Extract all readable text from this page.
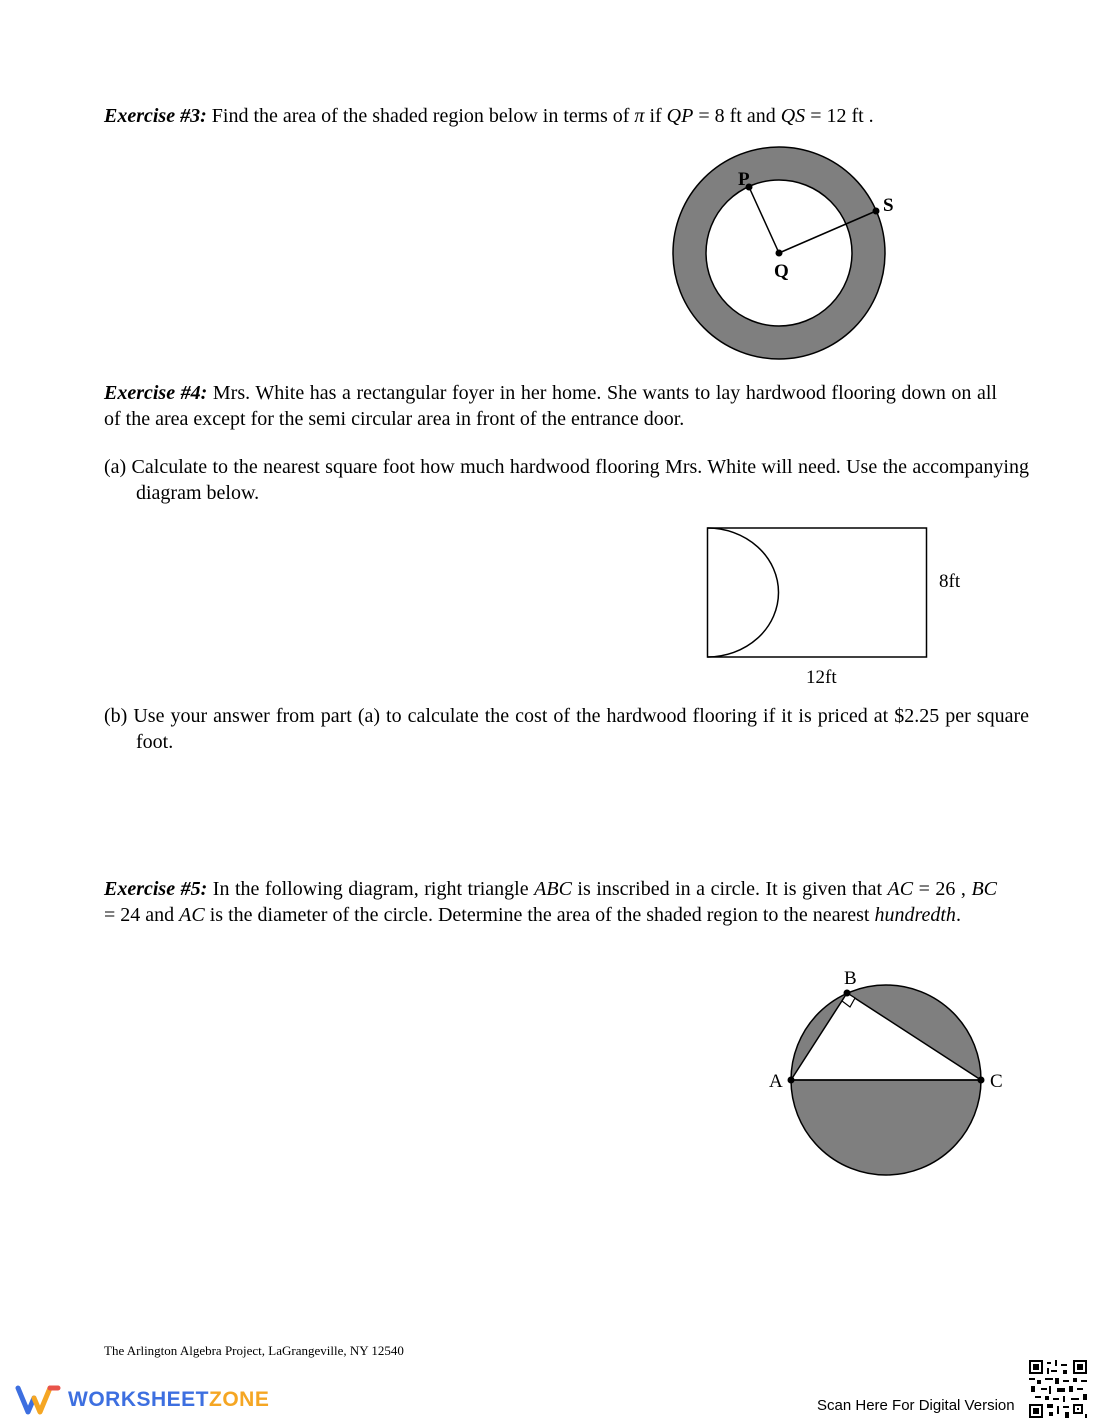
Exercise #3: Find the area of the shaded region below in terms of π if QP = 8 ft and QS = 12 ft .
P
S
Q
Exercise #4: Mrs. White has a rectangular foyer in her home. She wants to lay hardwood flooring down on all of the area except for the semi circular area in front of the entrance door.
(a) Calculate to the nearest square foot how much hardwood flooring Mrs. White will need. Use the accompanying diagram below.
8ft
12ft
(b) Use your answer from part (a) to calculate the cost of the hardwood flooring if it is priced at $2.25 per square foot.
Exercise #5: In the following diagram, right triangle ABC is inscribed in a circle. It is given that AC = 26 , BC = 24 and AC is the diameter of the circle. Determine the area of the shaded region to the nearest hundredth.
A
B
C
The Arlington Algebra Project, LaGrangeville, NY 12540
WORKSHEETZONE	Scan Here For Digital Version
